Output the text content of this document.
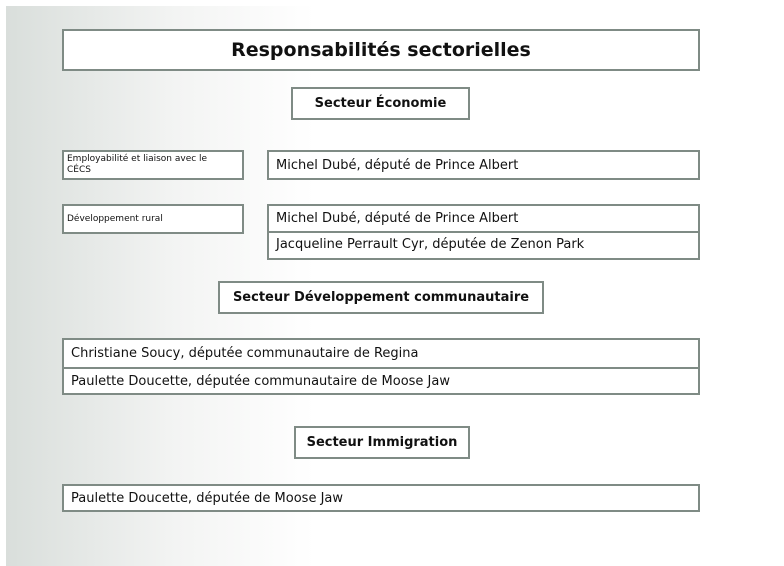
Responsabilités sectorielles
Secteur Économie
Employabilité et liaison avec le CÉCS	Michel Dubé, député de Prince Albert
Développement rural	Michel Dubé, député de Prince Albert
Jacqueline Perrault Cyr, députée de Zenon Park
Secteur Développement communautaire
Christiane Soucy, députée communautaire de Regina
Paulette Doucette, députée communautaire de Moose Jaw
Secteur Immigration
Paulette Doucette, députée de Moose Jaw
